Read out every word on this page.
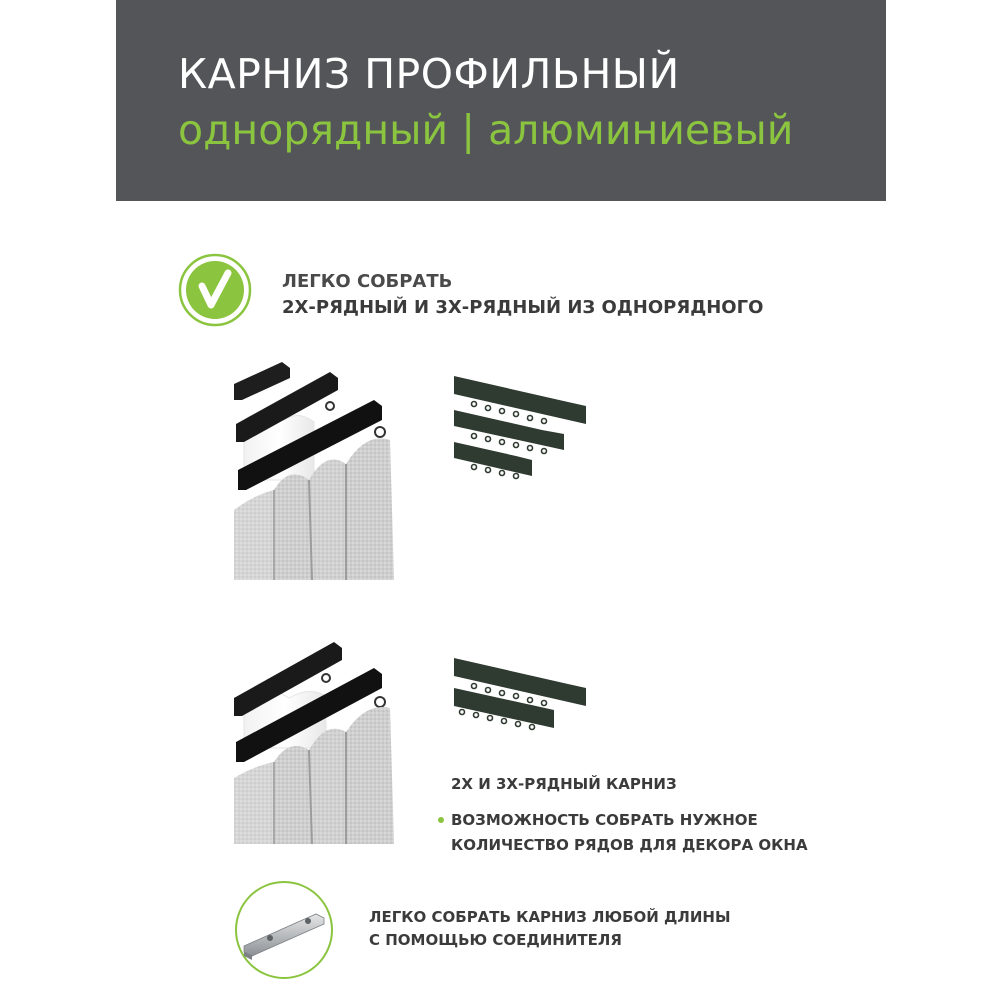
КАРНИЗ ПРОФИЛЬНЫЙ
однорядный | алюминиевый
ЛЕГКО СОБРАТЬ
2Х-РЯДНЫЙ И 3Х-РЯДНЫЙ ИЗ ОДНОРЯДНОГО
2Х И 3Х-РЯДНЫЙ КАРНИЗ
ВОЗМОЖНОСТЬ СОБРАТЬ НУЖНОЕ
КОЛИЧЕСТВО РЯДОВ ДЛЯ ДЕКОРА ОКНА
ЛЕГКО СОБРАТЬ КАРНИЗ ЛЮБОЙ ДЛИНЫ
С ПОМОЩЬЮ СОЕДИНИТЕЛЯ
